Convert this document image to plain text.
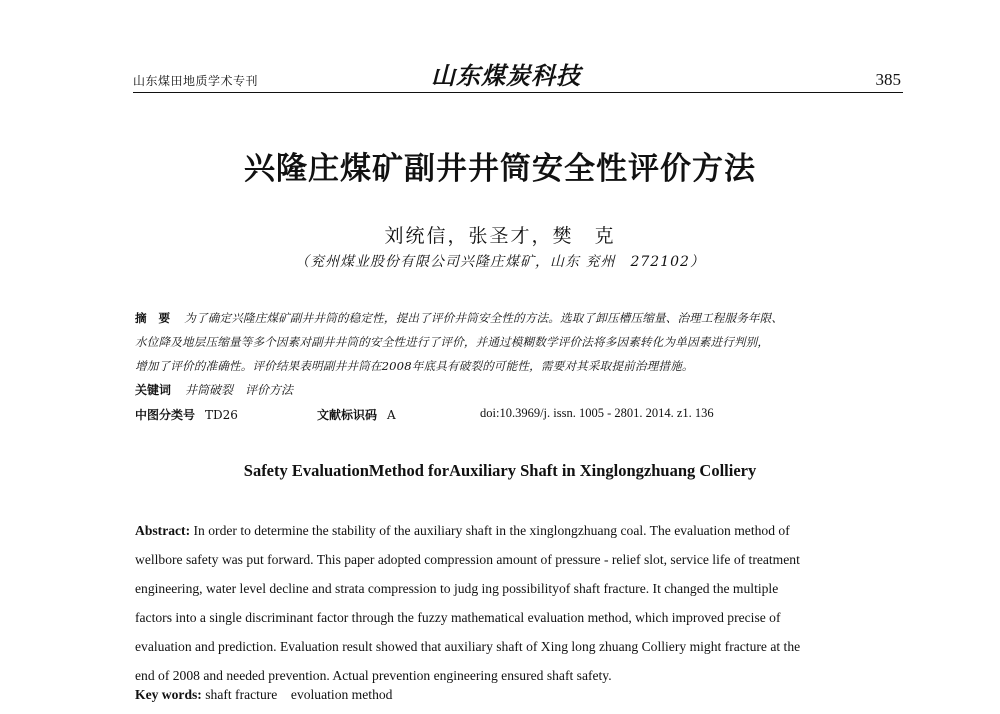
山东煤田地质学术专刊	山东煤炭科技	385
兴隆庄煤矿副井井筒安全性评价方法
刘统信，张圣才，樊　克
（兖州煤业股份有限公司兴隆庄煤矿，山东 兖州　272102）
摘　要 为了确定兴隆庄煤矿副井井筒的稳定性，提出了评价井筒安全性的方法。选取了卸压槽压缩量、治理工程服务年限、
水位降及地层压缩量等多个因素对副井井筒的安全性进行了评价，并通过模糊数学评价法将多因素转化为单因素进行判别，
增加了评价的准确性。评价结果表明副井井筒在2008年底具有破裂的可能性，需要对其采取提前治理措施。
关键词 井筒破裂　评价方法
中图分类号 TD26	文献标识码 A	doi:10.3969/j. issn. 1005 - 2801. 2014. z1. 136
Safety EvaluationMethod forAuxiliary Shaft in Xinglongzhuang Colliery
Abstract: In order to determine the stability of the auxiliary shaft in the xinglongzhuang coal. The evaluation method of
wellbore safety was put forward. This paper adopted compression amount of pressure - relief slot, service life of treatment
engineering, water level decline and strata compression to judg ing possibilityof shaft fracture. It changed the multiple
factors into a single discriminant factor through the fuzzy mathematical evaluation method, which improved precise of
evaluation and prediction. Evaluation result showed that auxiliary shaft of Xing long zhuang Colliery might fracture at the
end of 2008 and needed prevention. Actual prevention engineering ensured shaft safety.
Key words: shaft fracture　evoluation method
